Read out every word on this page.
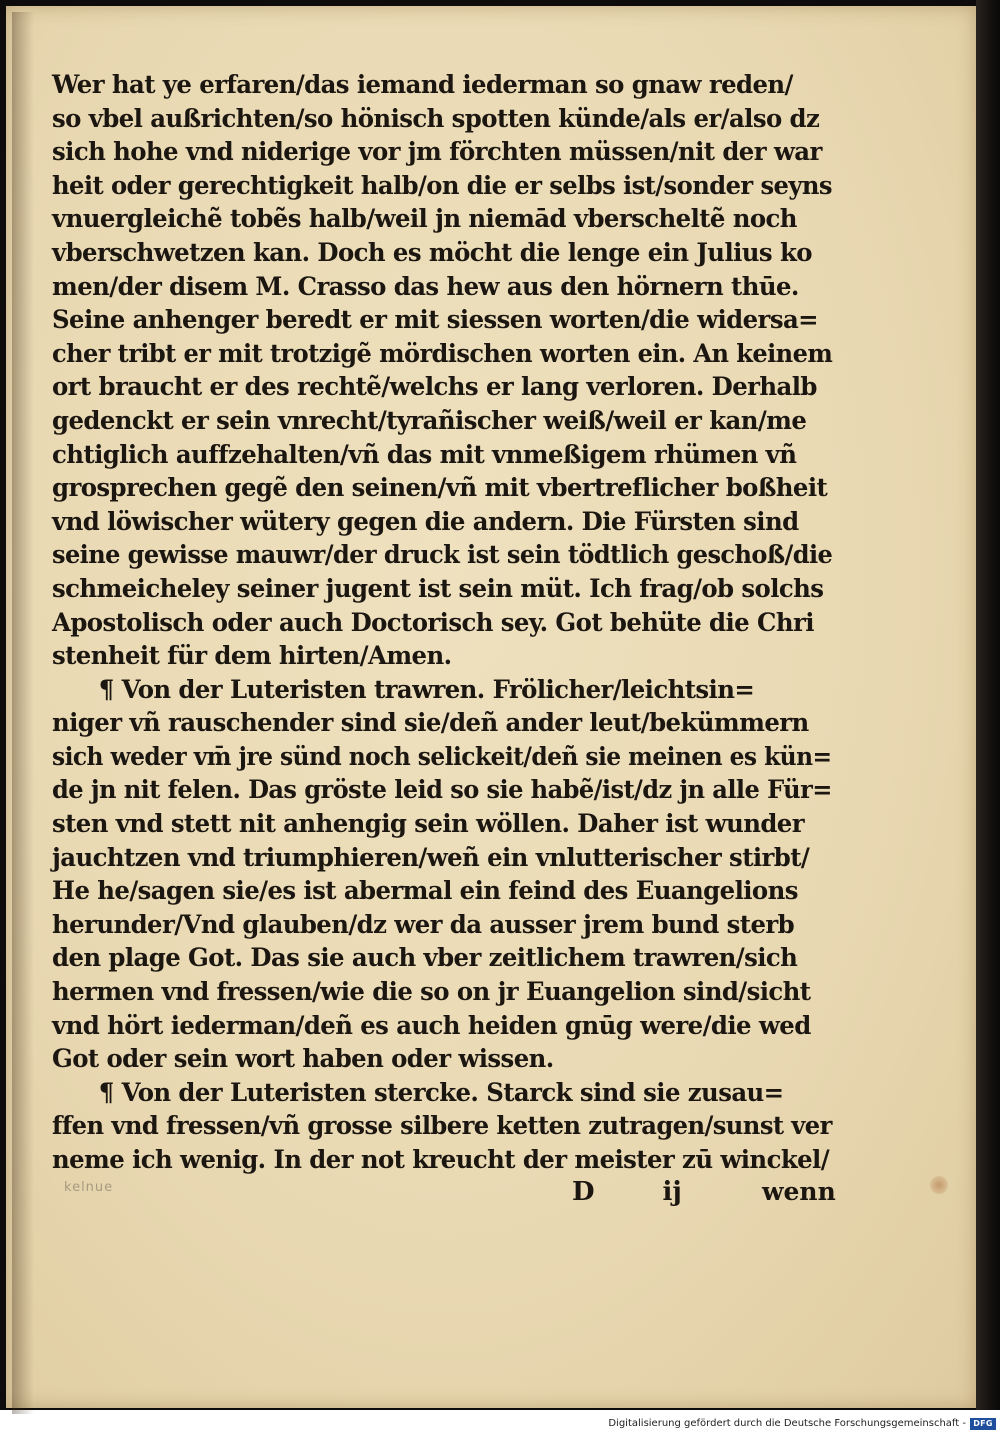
Wer hat ye erfaren/das iemand iederman so gnaw reden/
so vbel außrichten/so hönisch spotten künde/als er/also dz
sich hohe vnd niderige vor jm förchten müssen/nit der war
heit oder gerechtigkeit halb/on die er selbs ist/sonder seyns
vnuergleichẽ tobẽs halb/weil jn niemād vberscheltẽ noch
vberschwetzen kan. Doch es möcht die lenge ein Julius ko
men/der disem M. Crasso das hew aus den hörnern thūe.
Seine anhenger beredt er mit siessen worten/die widersa=
cher tribt er mit trotzigẽ mördischen worten ein. An keinem
ort braucht er des rechtẽ/welchs er lang verloren. Derhalb
gedenckt er sein vnrecht/tyrañischer weiß/weil er kan/me
chtiglich auffzehalten/vñ das mit vnmeßigem rhümen vñ
grosprechen gegẽ den seinen/vñ mit vbertreflicher boßheit
vnd löwischer wütery gegen die andern. Die Fürsten sind
seine gewisse mauwr/der druck ist sein tödtlich geschoß/die
schmeicheley seiner jugent ist sein müt. Ich frag/ob solchs
Apostolisch oder auch Doctorisch sey. Got behüte die Chri
stenheit für dem hirten/Amen.
¶ Von der Luteristen trawren. Frölicher/leichtsin=
niger vñ rauschender sind sie/deñ ander leut/bekümmern
sich weder vm̄ jre sünd noch selickeit/deñ sie meinen es kün=
de jn nit felen. Das gröste leid so sie habẽ/ist/dz jn alle Für=
sten vnd stett nit anhengig sein wöllen. Daher ist wunder
jauchtzen vnd triumphieren/weñ ein vnlutterischer stirbt/
He he/sagen sie/es ist abermal ein feind des Euangelions
herunder/Vnd glauben/dz wer da ausser jrem bund sterb
den plage Got. Das sie auch vber zeitlichem trawren/sich
hermen vnd fressen/wie die so on jr Euangelion sind/sicht
vnd hört iederman/deñ es auch heiden gnūg were/die wed
Got oder sein wort haben oder wissen.
¶ Von der Luteristen stercke. Starck sind sie zusau=
ffen vnd fressen/vñ grosse silbere ketten zutragen/sunst ver
neme ich wenig. In der not kreucht der meister zū winckel/
kelnue	D	ij	wenn
Digitalisierung gefördert durch die Deutsche Forschungsgemeinschaft - DFG
